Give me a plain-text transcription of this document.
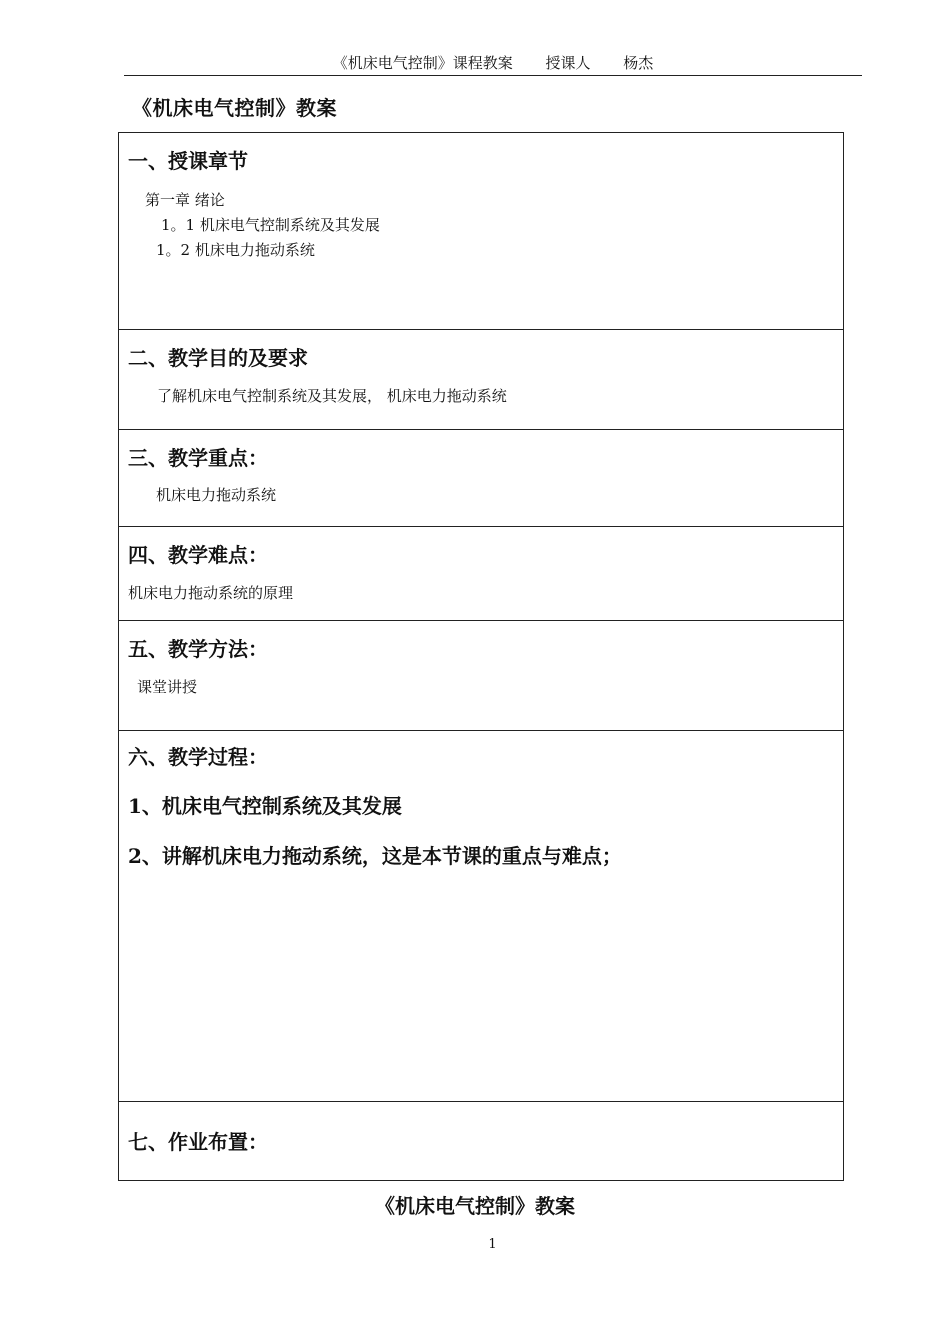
《机床电气控制》课程教案 授课人 杨杰
《机床电气控制》教案
一、授课章节
第一章 绪论
1。1 机床电气控制系统及其发展
1。2 机床电力拖动系统
二、教学目的及要求
了解机床电气控制系统及其发展， 机床电力拖动系统
三、教学重点：
机床电力拖动系统
四、教学难点：
机床电力拖动系统的原理
五、教学方法：
课堂讲授
六、教学过程：
1、机床电气控制系统及其发展
2、讲解机床电力拖动系统，这是本节课的重点与难点；
七、作业布置：
《机床电气控制》教案
1
